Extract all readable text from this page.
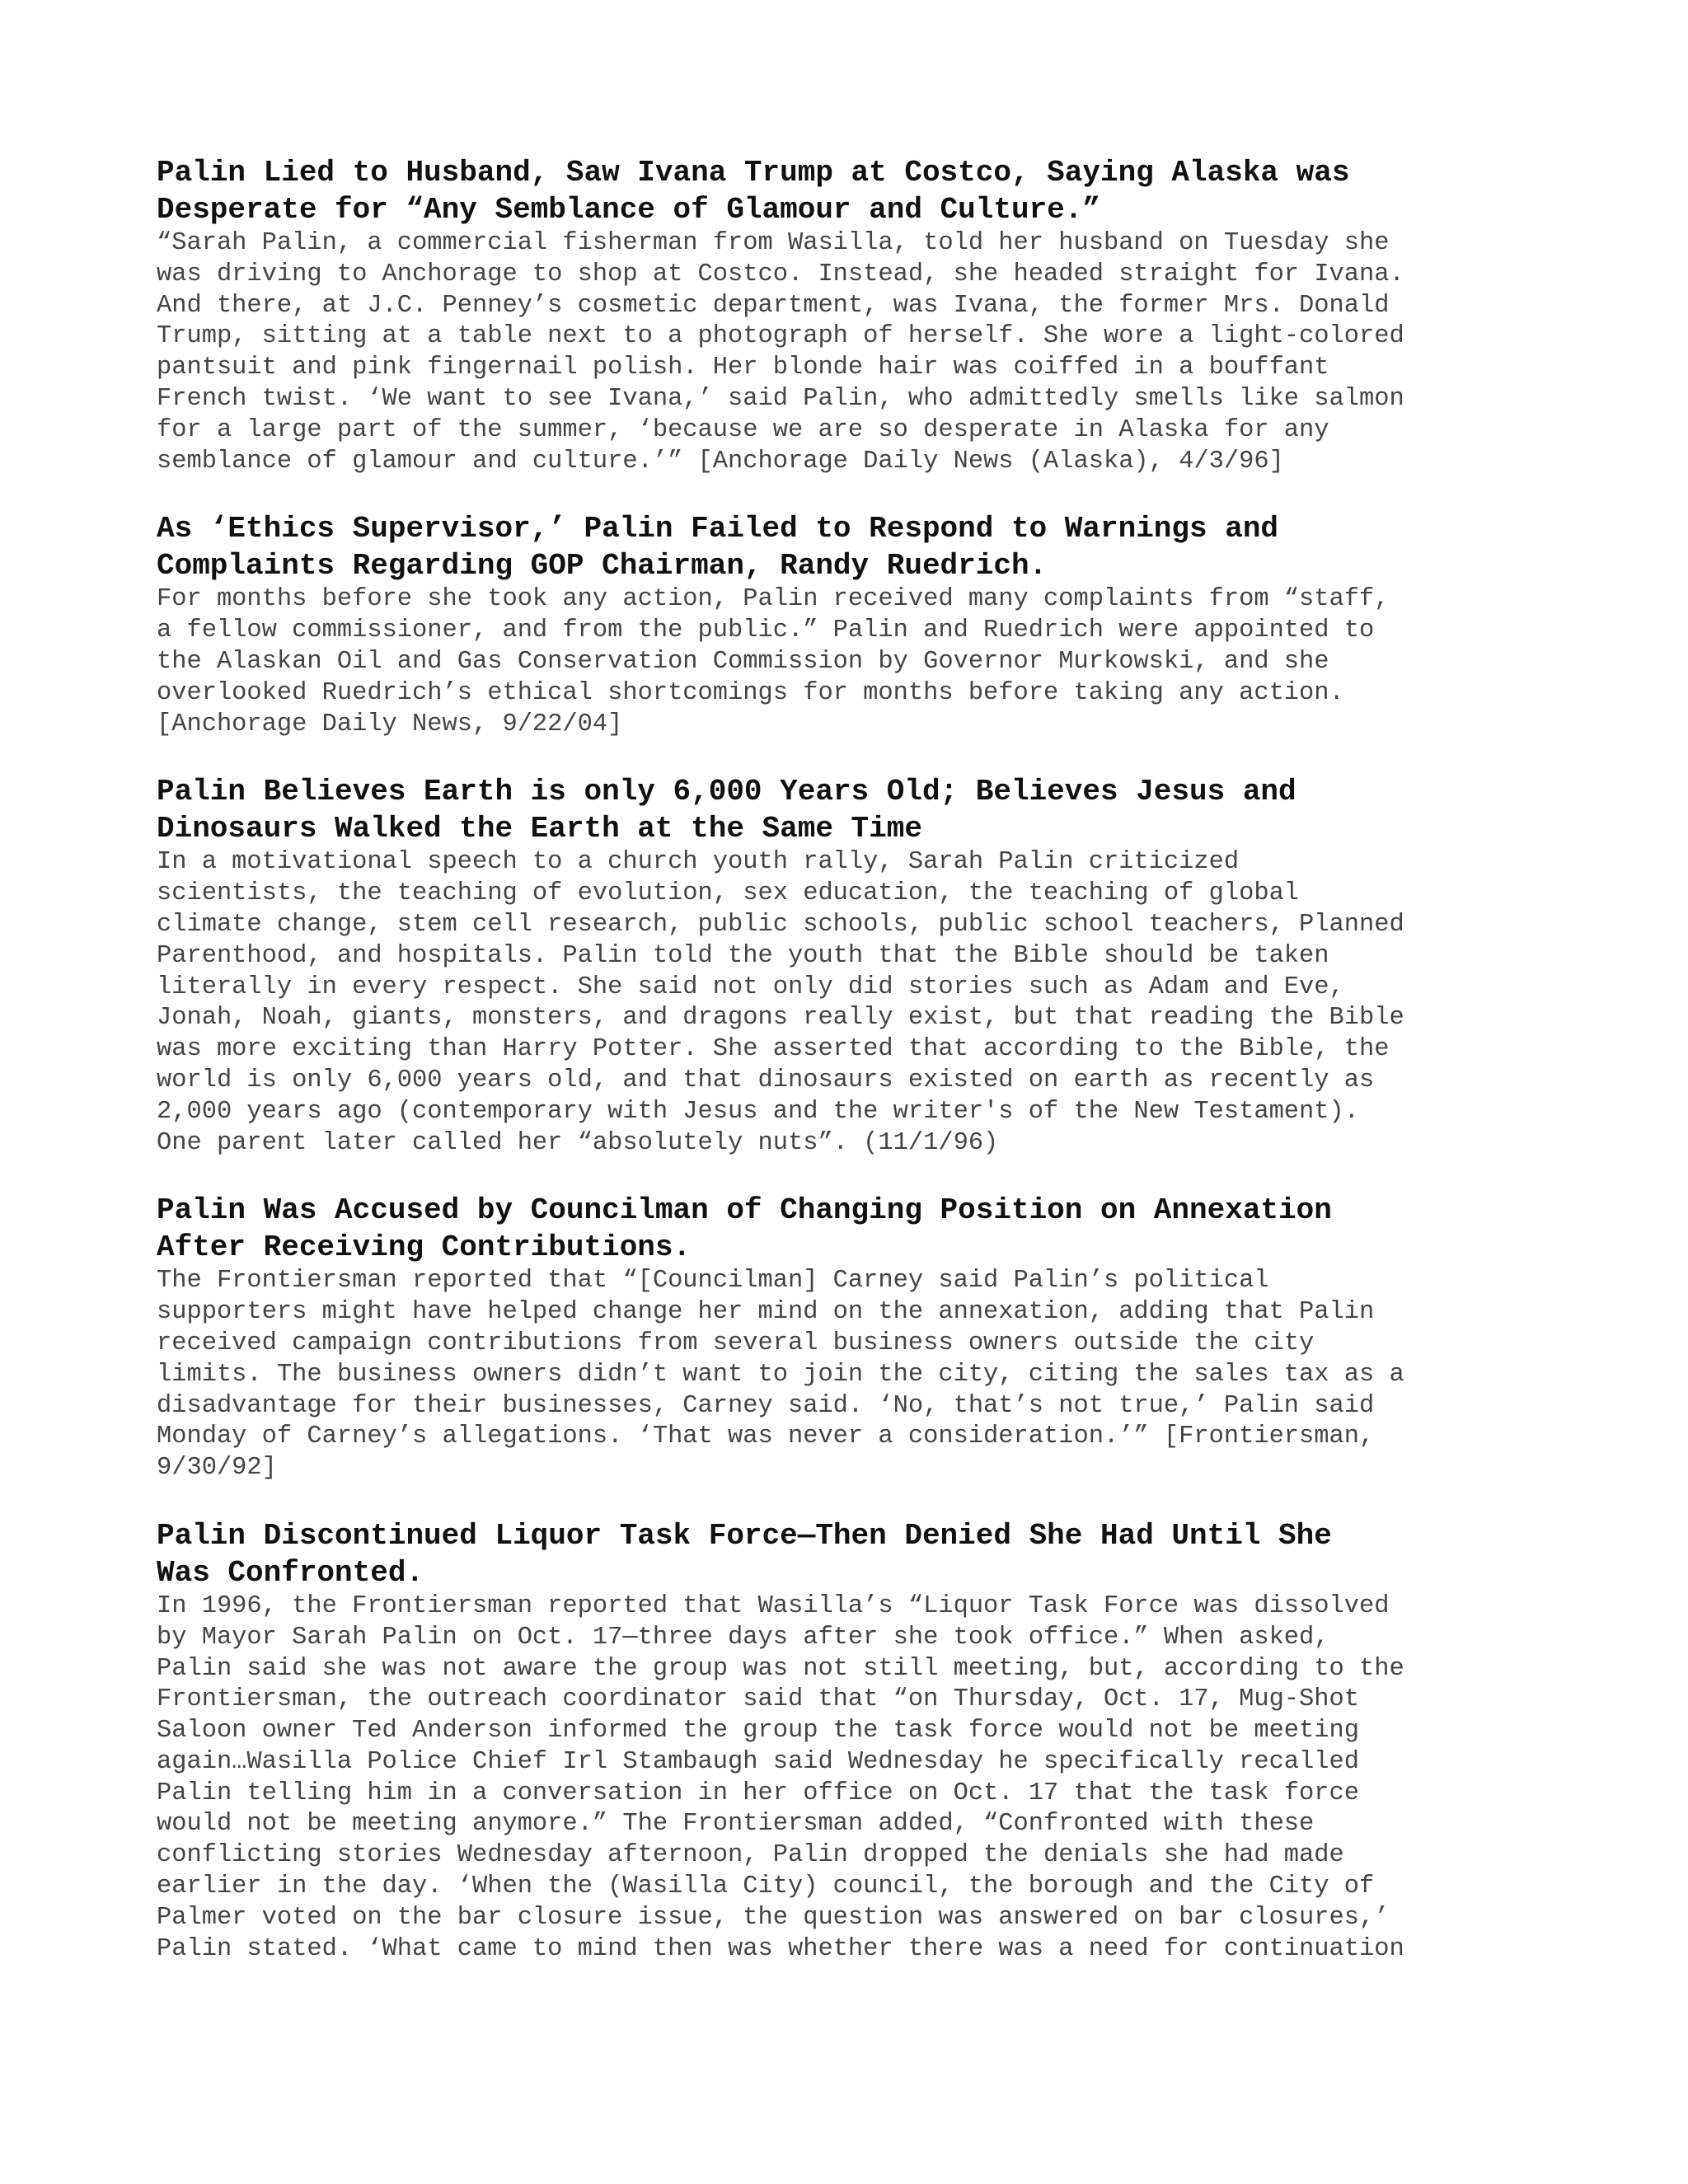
Palin Lied to Husband, Saw Ivana Trump at Costco, Saying Alaska was
Desperate for “Any Semblance of Glamour and Culture.”

“Sarah Palin, a commercial fisherman from Wasilla, told her husband on Tuesday she
was driving to Anchorage to shop at Costco. Instead, she headed straight for Ivana.
And there, at J.C. Penney’s cosmetic department, was Ivana, the former Mrs. Donald
Trump, sitting at a table next to a photograph of herself. She wore a light-colored
pantsuit and pink fingernail polish. Her blonde hair was coiffed in a bouffant
French twist. ‘We want to see Ivana,’ said Palin, who admittedly smells like salmon
for a large part of the summer, ‘because we are so desperate in Alaska for any
semblance of glamour and culture.’” [Anchorage Daily News (Alaska), 4/3/96]

As ‘Ethics Supervisor,’ Palin Failed to Respond to Warnings and
Complaints Regarding GOP Chairman, Randy Ruedrich.

For months before she took any action, Palin received many complaints from “staff,
a fellow commissioner, and from the public.” Palin and Ruedrich were appointed to
the Alaskan Oil and Gas Conservation Commission by Governor Murkowski, and she
overlooked Ruedrich’s ethical shortcomings for months before taking any action.
[Anchorage Daily News, 9/22/04]

Palin Believes Earth is only 6,000 Years Old; Believes Jesus and
Dinosaurs Walked the Earth at the Same Time

In a motivational speech to a church youth rally, Sarah Palin criticized
scientists, the teaching of evolution, sex education, the teaching of global
climate change, stem cell research, public schools, public school teachers, Planned
Parenthood, and hospitals. Palin told the youth that the Bible should be taken
literally in every respect. She said not only did stories such as Adam and Eve,
Jonah, Noah, giants, monsters, and dragons really exist, but that reading the Bible
was more exciting than Harry Potter. She asserted that according to the Bible, the
world is only 6,000 years old, and that dinosaurs existed on earth as recently as
2,000 years ago (contemporary with Jesus and the writer's of the New Testament).
One parent later called her “absolutely nuts”. (11/1/96)

Palin Was Accused by Councilman of Changing Position on Annexation
After Receiving Contributions.

The Frontiersman reported that “[Councilman] Carney said Palin’s political
supporters might have helped change her mind on the annexation, adding that Palin
received campaign contributions from several business owners outside the city
limits. The business owners didn’t want to join the city, citing the sales tax as a
disadvantage for their businesses, Carney said. ‘No, that’s not true,’ Palin said
Monday of Carney’s allegations. ‘That was never a consideration.’” [Frontiersman,
9/30/92]

Palin Discontinued Liquor Task Force—Then Denied She Had Until She
Was Confronted.

In 1996, the Frontiersman reported that Wasilla’s “Liquor Task Force was dissolved
by Mayor Sarah Palin on Oct. 17—three days after she took office.” When asked,
Palin said she was not aware the group was not still meeting, but, according to the
Frontiersman, the outreach coordinator said that “on Thursday, Oct. 17, Mug-Shot
Saloon owner Ted Anderson informed the group the task force would not be meeting
again…Wasilla Police Chief Irl Stambaugh said Wednesday he specifically recalled
Palin telling him in a conversation in her office on Oct. 17 that the task force
would not be meeting anymore.” The Frontiersman added, “Confronted with these
conflicting stories Wednesday afternoon, Palin dropped the denials she had made
earlier in the day. ‘When the (Wasilla City) council, the borough and the City of
Palmer voted on the bar closure issue, the question was answered on bar closures,’
Palin stated. ‘What came to mind then was whether there was a need for continuation
